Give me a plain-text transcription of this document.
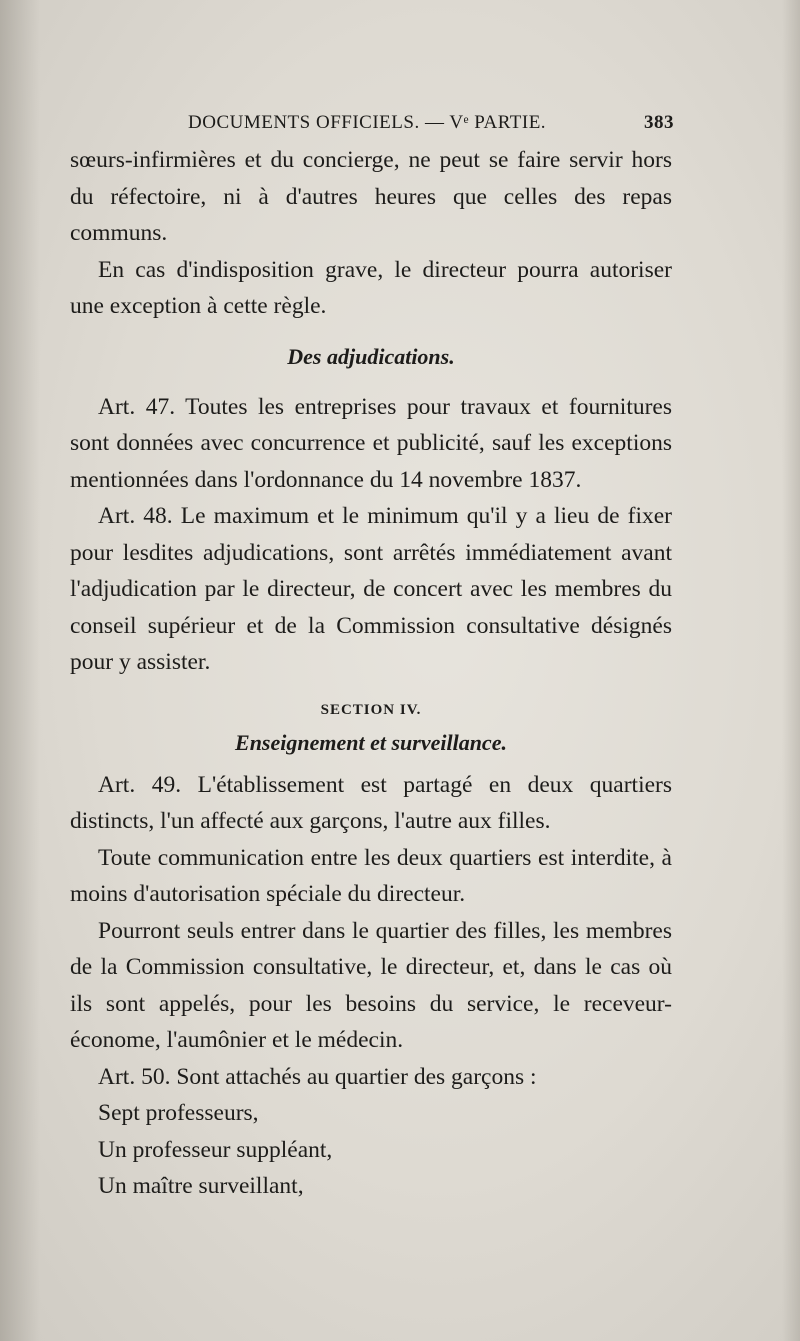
DOCUMENTS OFFICIELS. — Vᵉ PARTIE.	383

sœurs-infirmières et du concierge, ne peut se faire servir hors du réfectoire, ni à d'autres heures que celles des repas communs.

En cas d'indisposition grave, le directeur pourra autoriser une exception à cette règle.

Des adjudications.

Art. 47. Toutes les entreprises pour travaux et fournitures sont données avec concurrence et publicité, sauf les exceptions mentionnées dans l'ordonnance du 14 novembre 1837.

Art. 48. Le maximum et le minimum qu'il y a lieu de fixer pour lesdites adjudications, sont arrêtés immédiatement avant l'adjudication par le directeur, de concert avec les membres du conseil supérieur et de la Commission consultative désignés pour y assister.

SECTION IV.

Enseignement et surveillance.

Art. 49. L'établissement est partagé en deux quartiers distincts, l'un affecté aux garçons, l'autre aux filles.

Toute communication entre les deux quartiers est interdite, à moins d'autorisation spéciale du directeur.

Pourront seuls entrer dans le quartier des filles, les membres de la Commission consultative, le directeur, et, dans le cas où ils sont appelés, pour les besoins du service, le receveur-économe, l'aumônier et le médecin.

Art. 50. Sont attachés au quartier des garçons :

Sept professeurs,

Un professeur suppléant,

Un maître surveillant,
